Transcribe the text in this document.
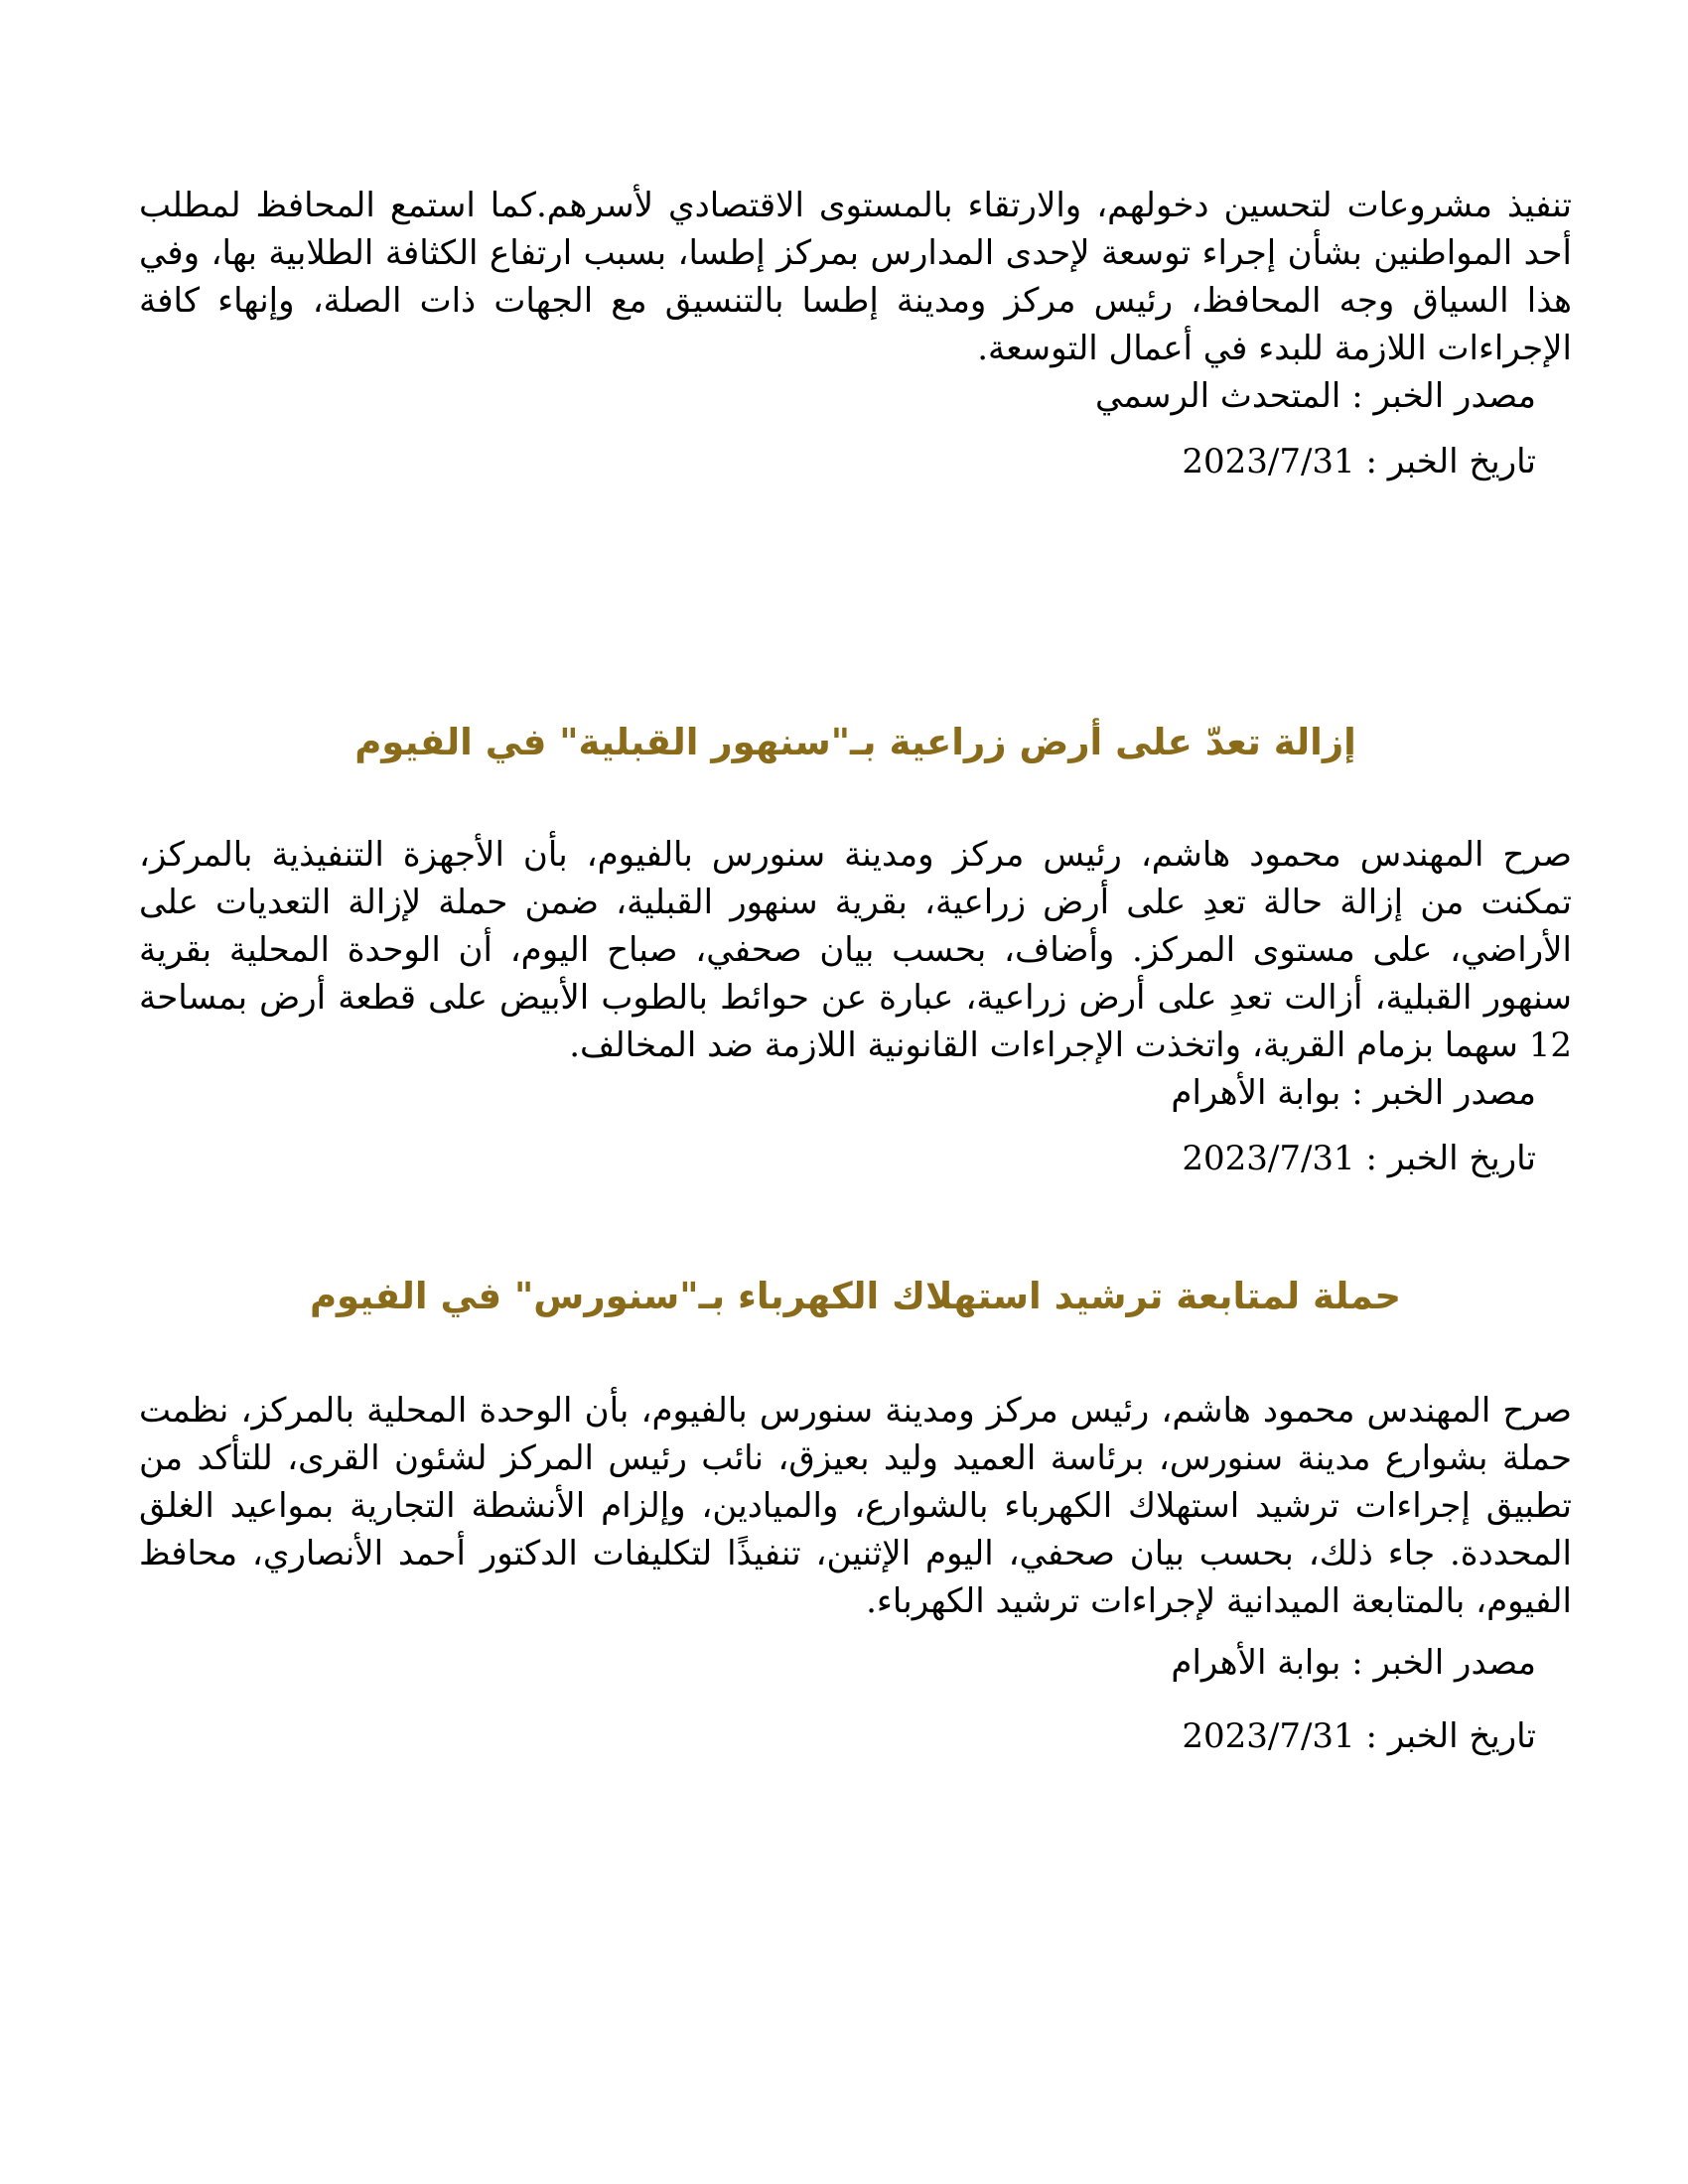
تنفيذ مشروعات لتحسين دخولهم، والارتقاء بالمستوى الاقتصادي لأسرهم.كما استمع المحافظ لمطلب أحد المواطنين بشأن إجراء توسعة لإحدى المدارس بمركز إطسا، بسبب ارتفاع الكثافة الطلابية بها، وفي هذا السياق وجه المحافظ، رئيس مركز ومدينة إطسا بالتنسيق مع الجهات ذات الصلة، وإنهاء كافة الإجراءات اللازمة للبدء في أعمال التوسعة.

مصدر الخبر : المتحدث الرسمي

تاريخ الخبر : 2023/7/31

إزالة تعدّ على أرض زراعية بـ"سنهور القبلية" في الفيوم

صرح المهندس محمود هاشم، رئيس مركز ومدينة سنورس بالفيوم، بأن الأجهزة التنفيذية بالمركز، تمكنت من إزالة حالة تعدِ على أرض زراعية، بقرية سنهور القبلية، ضمن حملة لإزالة التعديات على الأراضي، على مستوى المركز. وأضاف، بحسب بيان صحفي، صباح اليوم، أن الوحدة المحلية بقرية سنهور القبلية، أزالت تعدِ على أرض زراعية، عبارة عن حوائط بالطوب الأبيض على قطعة أرض بمساحة 12 سهما بزمام القرية، واتخذت الإجراءات القانونية اللازمة ضد المخالف.

مصدر الخبر : بوابة الأهرام

تاريخ الخبر : 2023/7/31

حملة لمتابعة ترشيد استهلاك الكهرباء بـ"سنورس" في الفيوم

صرح المهندس محمود هاشم، رئيس مركز ومدينة سنورس بالفيوم، بأن الوحدة المحلية بالمركز، نظمت حملة بشوارع مدينة سنورس، برئاسة العميد وليد بعيزق، نائب رئيس المركز لشئون القرى، للتأكد من تطبيق إجراءات ترشيد استهلاك الكهرباء بالشوارع، والميادين، وإلزام الأنشطة التجارية بمواعيد الغلق المحددة. جاء ذلك، بحسب بيان صحفي، اليوم الإثنين، تنفيذًا لتكليفات الدكتور أحمد الأنصاري، محافظ الفيوم، بالمتابعة الميدانية لإجراءات ترشيد الكهرباء.

مصدر الخبر : بوابة الأهرام

تاريخ الخبر : 2023/7/31
